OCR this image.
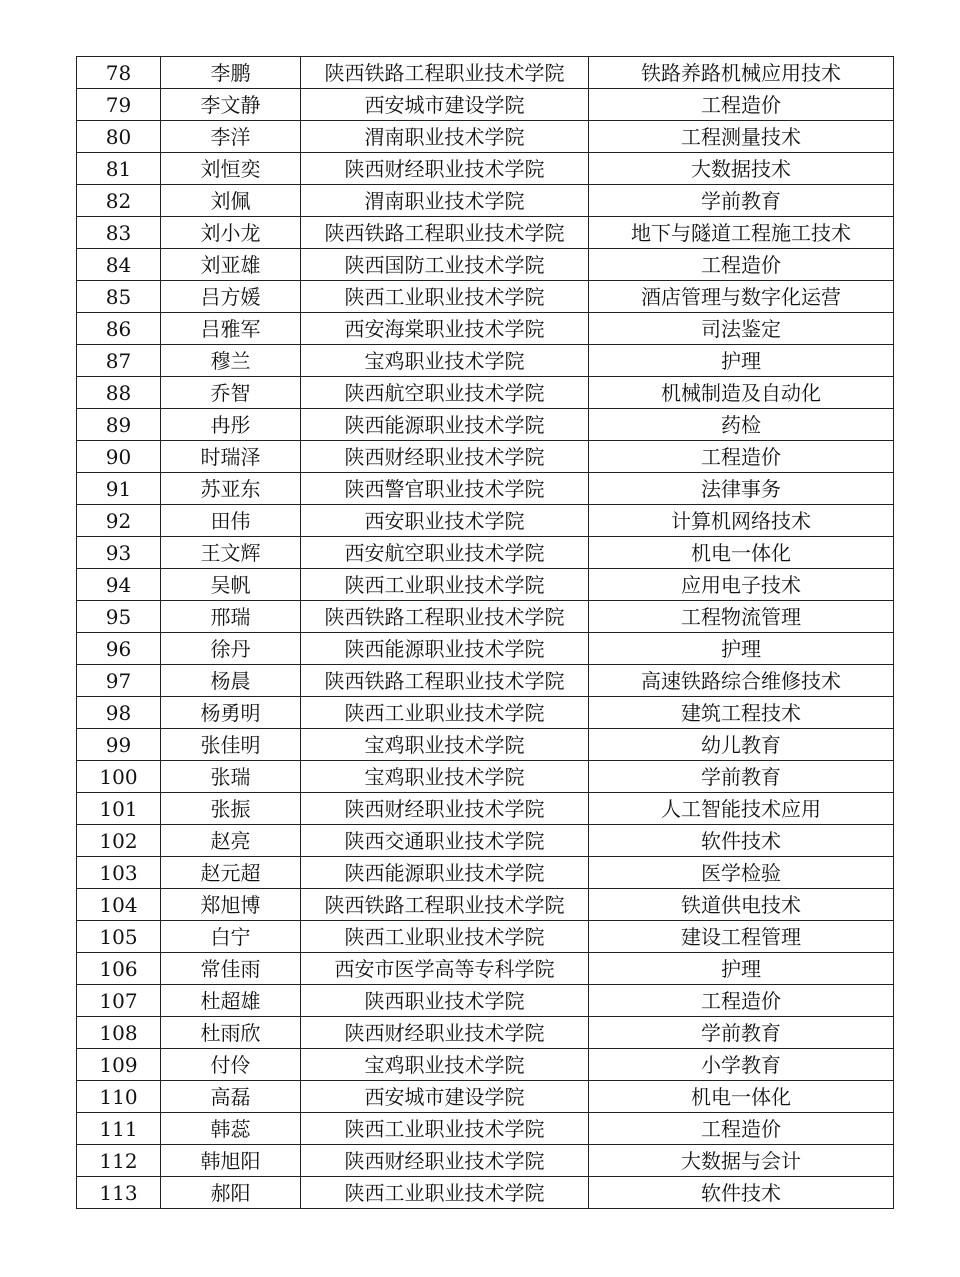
78	李鹏	陕西铁路工程职业技术学院	铁路养路机械应用技术
79	李文静	西安城市建设学院	工程造价
80	李洋	渭南职业技术学院	工程测量技术
81	刘恒奕	陕西财经职业技术学院	大数据技术
82	刘佩	渭南职业技术学院	学前教育
83	刘小龙	陕西铁路工程职业技术学院	地下与隧道工程施工技术
84	刘亚雄	陕西国防工业技术学院	工程造价
85	吕方媛	陕西工业职业技术学院	酒店管理与数字化运营
86	吕雅军	西安海棠职业技术学院	司法鉴定
87	穆兰	宝鸡职业技术学院	护理
88	乔智	陕西航空职业技术学院	机械制造及自动化
89	冉彤	陕西能源职业技术学院	药检
90	时瑞泽	陕西财经职业技术学院	工程造价
91	苏亚东	陕西警官职业技术学院	法律事务
92	田伟	西安职业技术学院	计算机网络技术
93	王文辉	西安航空职业技术学院	机电一体化
94	吴帆	陕西工业职业技术学院	应用电子技术
95	邢瑞	陕西铁路工程职业技术学院	工程物流管理
96	徐丹	陕西能源职业技术学院	护理
97	杨晨	陕西铁路工程职业技术学院	高速铁路综合维修技术
98	杨勇明	陕西工业职业技术学院	建筑工程技术
99	张佳明	宝鸡职业技术学院	幼儿教育
100	张瑞	宝鸡职业技术学院	学前教育
101	张振	陕西财经职业技术学院	人工智能技术应用
102	赵亮	陕西交通职业技术学院	软件技术
103	赵元超	陕西能源职业技术学院	医学检验
104	郑旭博	陕西铁路工程职业技术学院	铁道供电技术
105	白宁	陕西工业职业技术学院	建设工程管理
106	常佳雨	西安市医学高等专科学院	护理
107	杜超雄	陕西职业技术学院	工程造价
108	杜雨欣	陕西财经职业技术学院	学前教育
109	付伶	宝鸡职业技术学院	小学教育
110	高磊	西安城市建设学院	机电一体化
111	韩蕊	陕西工业职业技术学院	工程造价
112	韩旭阳	陕西财经职业技术学院	大数据与会计
113	郝阳	陕西工业职业技术学院	软件技术
